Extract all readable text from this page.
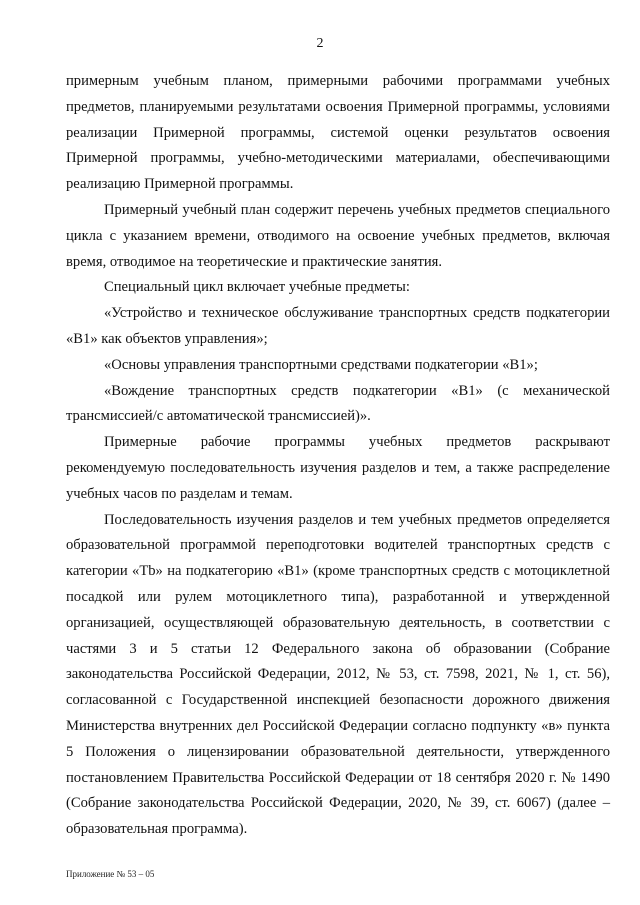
2

примерным учебным планом, примерными рабочими программами учебных предметов, планируемыми результатами освоения Примерной программы, условиями реализации Примерной программы, системой оценки результатов освоения Примерной программы, учебно-методическими материалами, обеспечивающими реализацию Примерной программы.

Примерный учебный план содержит перечень учебных предметов специального цикла с указанием времени, отводимого на освоение учебных предметов, включая время, отводимое на теоретические и практические занятия.

Специальный цикл включает учебные предметы:

«Устройство и техническое обслуживание транспортных средств подкатегории «B1» как объектов управления»;

«Основы управления транспортными средствами подкатегории «B1»;

«Вождение транспортных средств подкатегории «B1» (с механической трансмиссией/с автоматической трансмиссией)».

Примерные рабочие программы учебных предметов раскрывают рекомендуемую последовательность изучения разделов и тем, а также распределение учебных часов по разделам и темам.

Последовательность изучения разделов и тем учебных предметов определяется образовательной программой переподготовки водителей транспортных средств с категории «Tb» на подкатегорию «B1» (кроме транспортных средств с мотоциклетной посадкой или рулем мотоциклетного типа), разработанной и утвержденной организацией, осуществляющей образовательную деятельность, в соответствии с частями 3 и 5 статьи 12 Федерального закона об образовании (Собрание законодательства Российской Федерации, 2012, № 53, ст. 7598, 2021, № 1, ст. 56), согласованной с Государственной инспекцией безопасности дорожного движения Министерства внутренних дел Российской Федерации согласно подпункту «в» пункта 5 Положения о лицензировании образовательной деятельности, утвержденного постановлением Правительства Российской Федерации от 18 сентября 2020 г. № 1490 (Собрание законодательства Российской Федерации, 2020, № 39, ст. 6067) (далее – образовательная программа).

Приложение № 53 – 05
